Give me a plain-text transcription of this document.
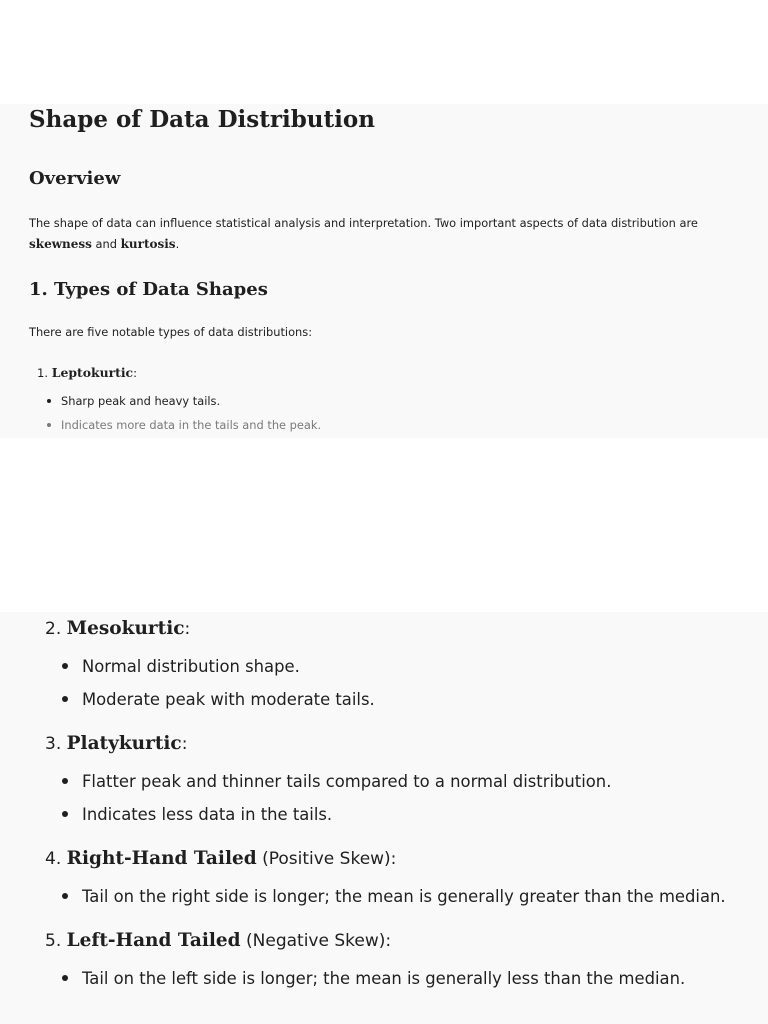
Shape of Data Distribution
Overview

The shape of data can influence statistical analysis and interpretation. Two important aspects of data distribution are
skewness and kurtosis.

1. Types of Data Shapes

There are five notable types of data distributions:

1. Leptokurtic:
Sharp peak and heavy tails.
Indicates more data in the tails and the peak.
2. Mesokurtic:
Normal distribution shape.
Moderate peak with moderate tails.
3. Platykurtic:
Flatter peak and thinner tails compared to a normal distribution.
Indicates less data in the tails.
4. Right-Hand Tailed (Positive Skew):
Tail on the right side is longer; the mean is generally greater than the median.
5. Left-Hand Tailed (Negative Skew):
Tail on the left side is longer; the mean is generally less than the median.
